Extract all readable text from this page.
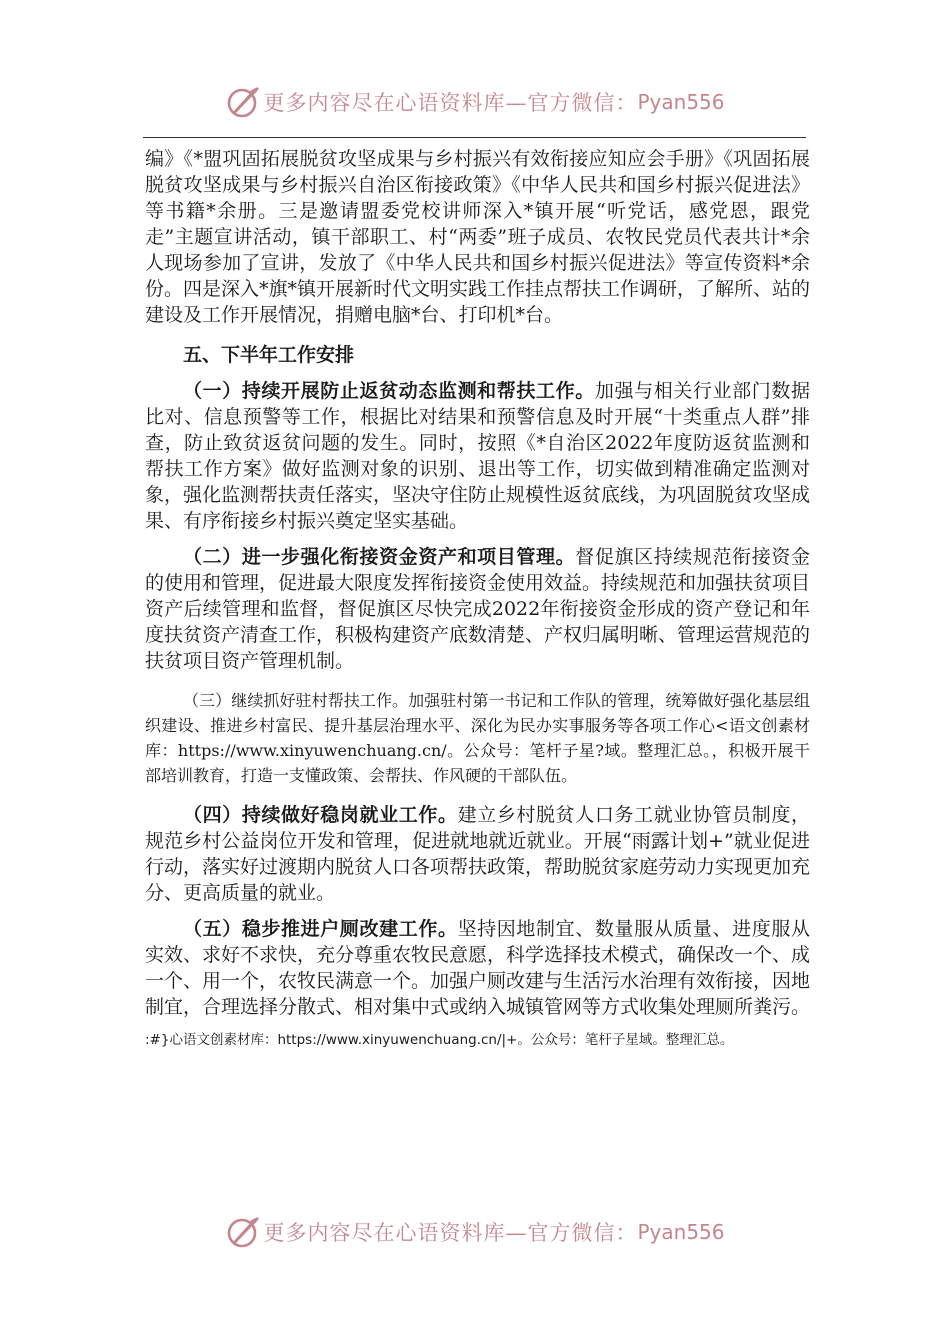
更多内容尽在心语资料库—官方微信： Pyan556

编》《*盟巩固拓展脱贫攻坚成果与乡村振兴有效衔接应知应会手册》《巩固拓展脱贫攻坚成果与乡村振兴自治区衔接政策》《中华人民共和国乡村振兴促进法》等书籍*余册。三是邀请盟委党校讲师深入*镇开展“听党话，感党恩，跟党走”主题宣讲活动，镇干部职工、村“两委”班子成员、农牧民党员代表共计*余人现场参加了宣讲，发放了《中华人民共和国乡村振兴促进法》等宣传资料*余份。四是深入*旗*镇开展新时代文明实践工作挂点帮扶工作调研，了解所、站的建设及工作开展情况，捐赠电脑*台、打印机*台。

五、下半年工作安排

（一）持续开展防止返贫动态监测和帮扶工作。加强与相关行业部门数据比对、信息预警等工作，根据比对结果和预警信息及时开展“十类重点人群”排查，防止致贫返贫问题的发生。同时，按照《*自治区2022年度防返贫监测和帮扶工作方案》做好监测对象的识别、退出等工作，切实做到精准确定监测对象，强化监测帮扶责任落实，坚决守住防止规模性返贫底线，为巩固脱贫攻坚成果、有序衔接乡村振兴奠定坚实基础。

（二）进一步强化衔接资金资产和项目管理。督促旗区持续规范衔接资金的使用和管理，促进最大限度发挥衔接资金使用效益。持续规范和加强扶贫项目资产后续管理和监督，督促旗区尽快完成2022年衔接资金形成的资产登记和年度扶贫资产清查工作，积极构建资产底数清楚、产权归属明晰、管理运营规范的扶贫项目资产管理机制。

（三）继续抓好驻村帮扶工作。加强驻村第一书记和工作队的管理，统筹做好强化基层组织建设、推进乡村富民、提升基层治理水平、深化为民办实事服务等各项工作心<语文创素材库：https://www.xinyuwenchuang.cn/。公众号：笔杆子星?域。整理汇总。，积极开展干部培训教育，打造一支懂政策、会帮扶、作风硬的干部队伍。

（四）持续做好稳岗就业工作。建立乡村脱贫人口务工就业协管员制度，规范乡村公益岗位开发和管理，促进就地就近就业。开展“雨露计划+”就业促进行动，落实好过渡期内脱贫人口各项帮扶政策，帮助脱贫家庭劳动力实现更加充分、更高质量的就业。

（五）稳步推进户厕改建工作。坚持因地制宜、数量服从质量、进度服从实效、求好不求快，充分尊重农牧民意愿，科学选择技术模式，确保改一个、成一个、用一个，农牧民满意一个。加强户厕改建与生活污水治理有效衔接，因地制宜，合理选择分散式、相对集中式或纳入城镇管网等方式收集处理厕所粪污。

:#}心语文创素材库：https://www.xinyuwenchuang.cn/|+。公众号：笔杆子星域。整理汇总。

更多内容尽在心语资料库—官方微信： Pyan556
